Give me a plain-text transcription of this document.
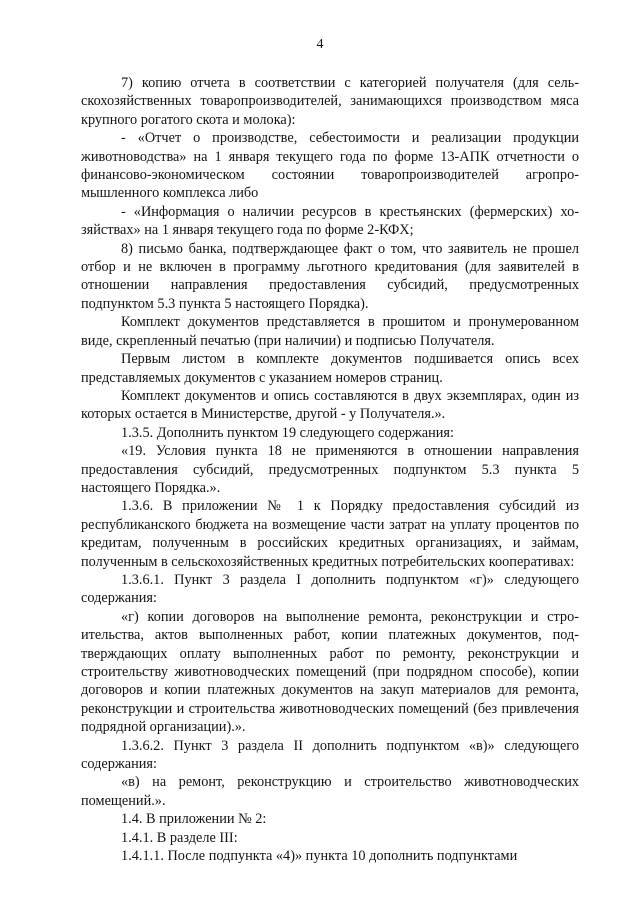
4

7) копию отчета в соответствии с категорией получателя (для сельскохозяйственных товаропроизводителей, занимающихся производством мяса крупного рогатого скота и молока):

- «Отчет о производстве, себестоимости и реализации продукции животноводства» на 1 января текущего года по форме 13-АПК отчетности о финансово-экономическом состоянии товаропроизводителей агропромышленного комплекса либо

- «Информация о наличии ресурсов в крестьянских (фермерских) хозяйствах» на 1 января текущего года по форме 2-КФХ;

8) письмо банка, подтверждающее факт о том, что заявитель не прошел отбор и не включен в программу льготного кредитования (для заявителей в отношении направления предоставления субсидий, предусмотренных подпунктом 5.3 пункта 5 настоящего Порядка).

Комплект документов представляется в прошитом и пронумерованном виде, скрепленный печатью (при наличии) и подписью Получателя.

Первым листом в комплекте документов подшивается опись всех представляемых документов с указанием номеров страниц.

Комплект документов и опись составляются в двух экземплярах, один из которых остается в Министерстве, другой - у Получателя.».

1.3.5. Дополнить пунктом 19 следующего содержания:

«19. Условия пункта 18 не применяются в отношении направления предоставления субсидий, предусмотренных подпунктом 5.3 пункта 5 настоящего Порядка.».

1.3.6. В приложении № 1 к Порядку предоставления субсидий из республиканского бюджета на возмещение части затрат на уплату процентов по кредитам, полученным в российских кредитных организациях, и займам, полученным в сельскохозяйственных кредитных потребительских кооперативах:

1.3.6.1. Пункт 3 раздела I дополнить подпунктом «г)» следующего содержания:

«г) копии договоров на выполнение ремонта, реконструкции и строительства, актов выполненных работ, копии платежных документов, подтверждающих оплату выполненных работ по ремонту, реконструкции и строительству животноводческих помещений (при подрядном способе), копии договоров и копии платежных документов на закуп материалов для ремонта, реконструкции и строительства животноводческих помещений (без привлечения подрядной организации).».

1.3.6.2. Пункт 3 раздела II дополнить подпунктом «в)» следующего содержания:

«в) на ремонт, реконструкцию и строительство животноводческих помещений.».

1.4. В приложении № 2:

1.4.1. В разделе III:

1.4.1.1. После подпункта «4)» пункта 10 дополнить подпунктами
